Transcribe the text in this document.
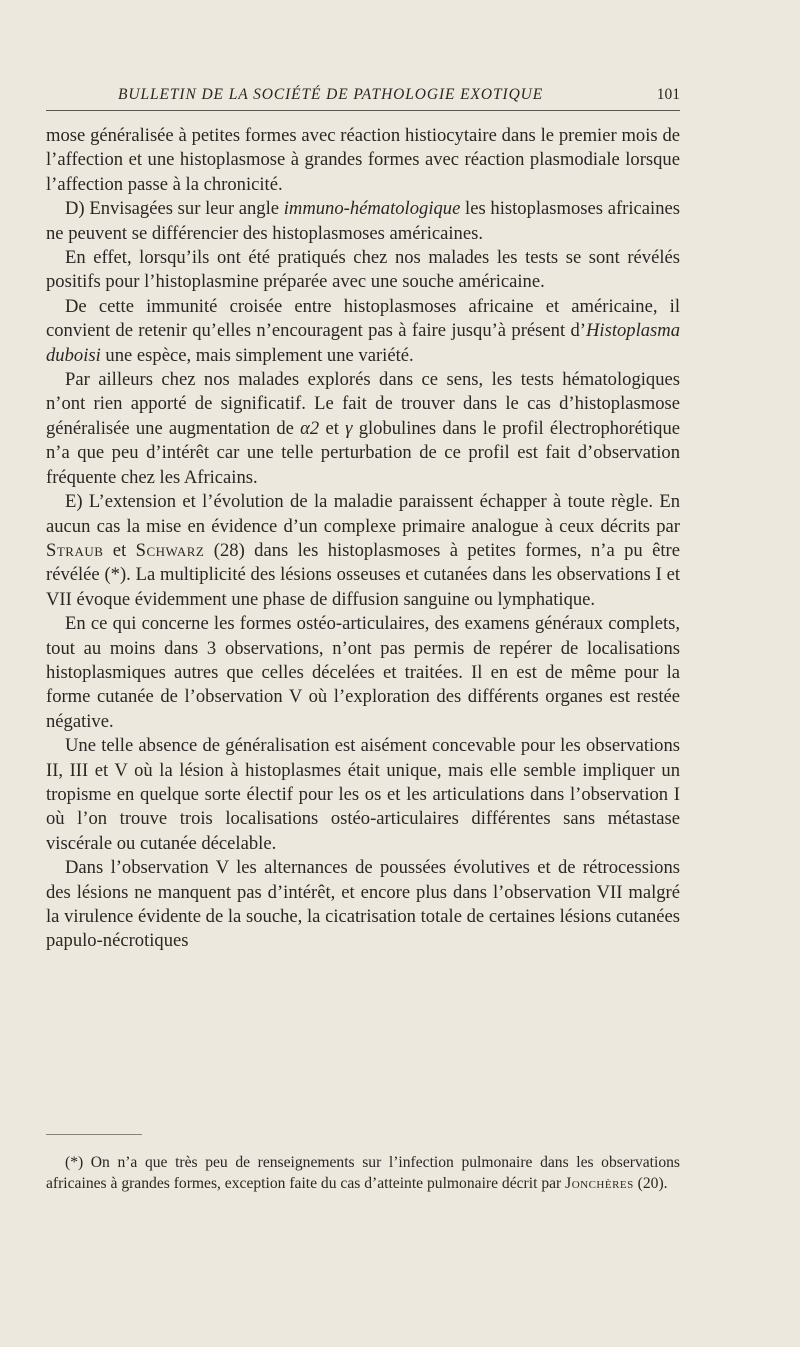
BULLETIN DE LA SOCIÉTÉ DE PATHOLOGIE EXOTIQUE	101

mose généralisée à petites formes avec réaction histiocytaire dans le premier mois de l’affection et une histoplasmose à grandes formes avec réaction plasmodiale lorsque l’affection passe à la chronicité.

D) Envisagées sur leur angle immuno-hématologique les histoplasmoses africaines ne peuvent se différencier des histoplasmoses américaines.

En effet, lorsqu’ils ont été pratiqués chez nos malades les tests se sont révélés positifs pour l’histoplasmine préparée avec une souche américaine.

De cette immunité croisée entre histoplasmoses africaine et américaine, il convient de retenir qu’elles n’encouragent pas à faire jusqu’à présent d’Histoplasma duboisi une espèce, mais simplement une variété.

Par ailleurs chez nos malades explorés dans ce sens, les tests hématologiques n’ont rien apporté de significatif. Le fait de trouver dans le cas d’histoplasmose généralisée une augmentation de α2 et γ globulines dans le profil électrophorétique n’a que peu d’intérêt car une telle perturbation de ce profil est fait d’observation fréquente chez les Africains.

E) L’extension et l’évolution de la maladie paraissent échapper à toute règle. En aucun cas la mise en évidence d’un complexe primaire analogue à ceux décrits par Straub et Schwarz (28) dans les histoplasmoses à petites formes, n’a pu être révélée (*). La multiplicité des lésions osseuses et cutanées dans les observations I et VII évoque évidemment une phase de diffusion sanguine ou lymphatique.

En ce qui concerne les formes ostéo-articulaires, des examens généraux complets, tout au moins dans 3 observations, n’ont pas permis de repérer de localisations histoplasmiques autres que celles décelées et traitées. Il en est de même pour la forme cutanée de l’observation V où l’exploration des différents organes est restée négative.

Une telle absence de généralisation est aisément concevable pour les observations II, III et V où la lésion à histoplasmes était unique, mais elle semble impliquer un tropisme en quelque sorte électif pour les os et les articulations dans l’observation I où l’on trouve trois localisations ostéo-articulaires différentes sans métastase viscérale ou cutanée décelable.

Dans l’observation V les alternances de poussées évolutives et de rétrocessions des lésions ne manquent pas d’intérêt, et encore plus dans l’observation VII malgré la virulence évidente de la souche, la cicatrisation totale de certaines lésions cutanées papulo-nécrotiques

(*) On n’a que très peu de renseignements sur l’infection pulmonaire dans les observations africaines à grandes formes, exception faite du cas d’atteinte pulmonaire décrit par Jonchères (20).
